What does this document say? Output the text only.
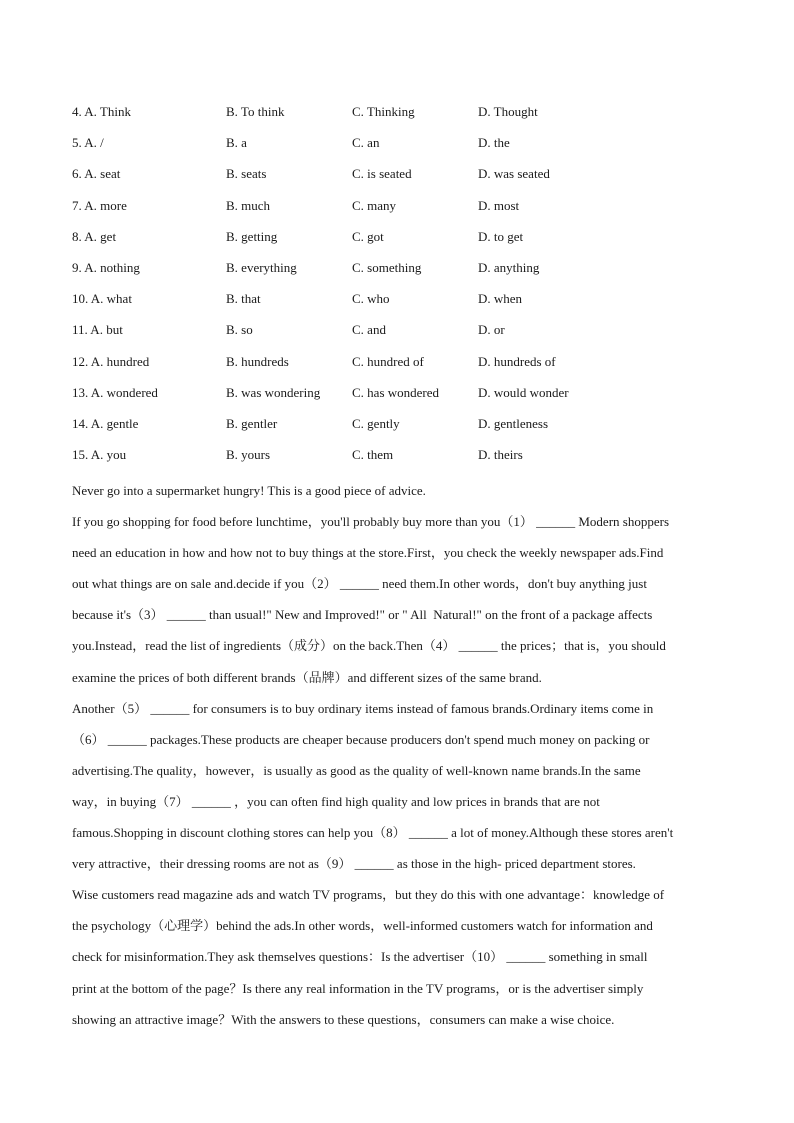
4. A. Think	B. To think	C. Thinking	D. Thought
5. A. /	B. a	C. an	D. the
6. A. seat	B. seats	C. is seated	D. was seated
7. A. more	B. much	C. many	D. most
8. A. get	B. getting	C. got	D. to get
9. A. nothing	B. everything	C. something	D. anything
10. A. what	B. that	C. who	D. when
11. A. but	B. so	C. and	D. or
12. A. hundred	B. hundreds	C. hundred of	D. hundreds of
13. A. wondered	B. was wondering C. has wondered	D. would wonder
14. A. gentle	B. gentler	C. gently	D. gentleness
15. A. you	B. yours	C. them	D. theirs

Never go into a supermarket hungry! This is a good piece of advice.

If you go shopping for food before lunchtime，you'll probably buy more than you（1） ______ Modern shoppers

need an education in how and how not to buy things at the store.First，you check the weekly newspaper ads.Find

out what things are on sale and.decide if you（2） ______ need them.In other words，don't buy anything just

because it's（3） ______ than usual!" New and Improved!" or " All  Natural!" on the front of a package affects

you.Instead，read the list of ingredients（成分）on the back.Then（4） ______ the prices；that is，you should

examine the prices of both different brands（品牌）and different sizes of the same brand.

Another（5） ______ for consumers is to buy ordinary items instead of famous brands.Ordinary items come in

（6） ______ packages.These products are cheaper because producers don't spend much money on packing or

advertising.The quality，however，is usually as good as the quality of well-known name brands.In the same

way，in buying（7） ______ ，you can often find high quality and low prices in brands that are not

famous.Shopping in discount clothing stores can help you（8） ______ a lot of money.Although these stores aren't

very attractive，their dressing rooms are not as（9） ______ as those in the high- priced department stores.

Wise customers read magazine ads and watch TV programs，but they do this with one advantage：knowledge of

the psychology（心理学）behind the ads.In other words，well-informed customers watch for information and

check for misinformation.They ask themselves questions：Is the advertiser（10） ______ something in small

print at the bottom of the page？Is there any real information in the TV programs，or is the advertiser simply

showing an attractive image？With the answers to these questions，consumers can make a wise choice.
